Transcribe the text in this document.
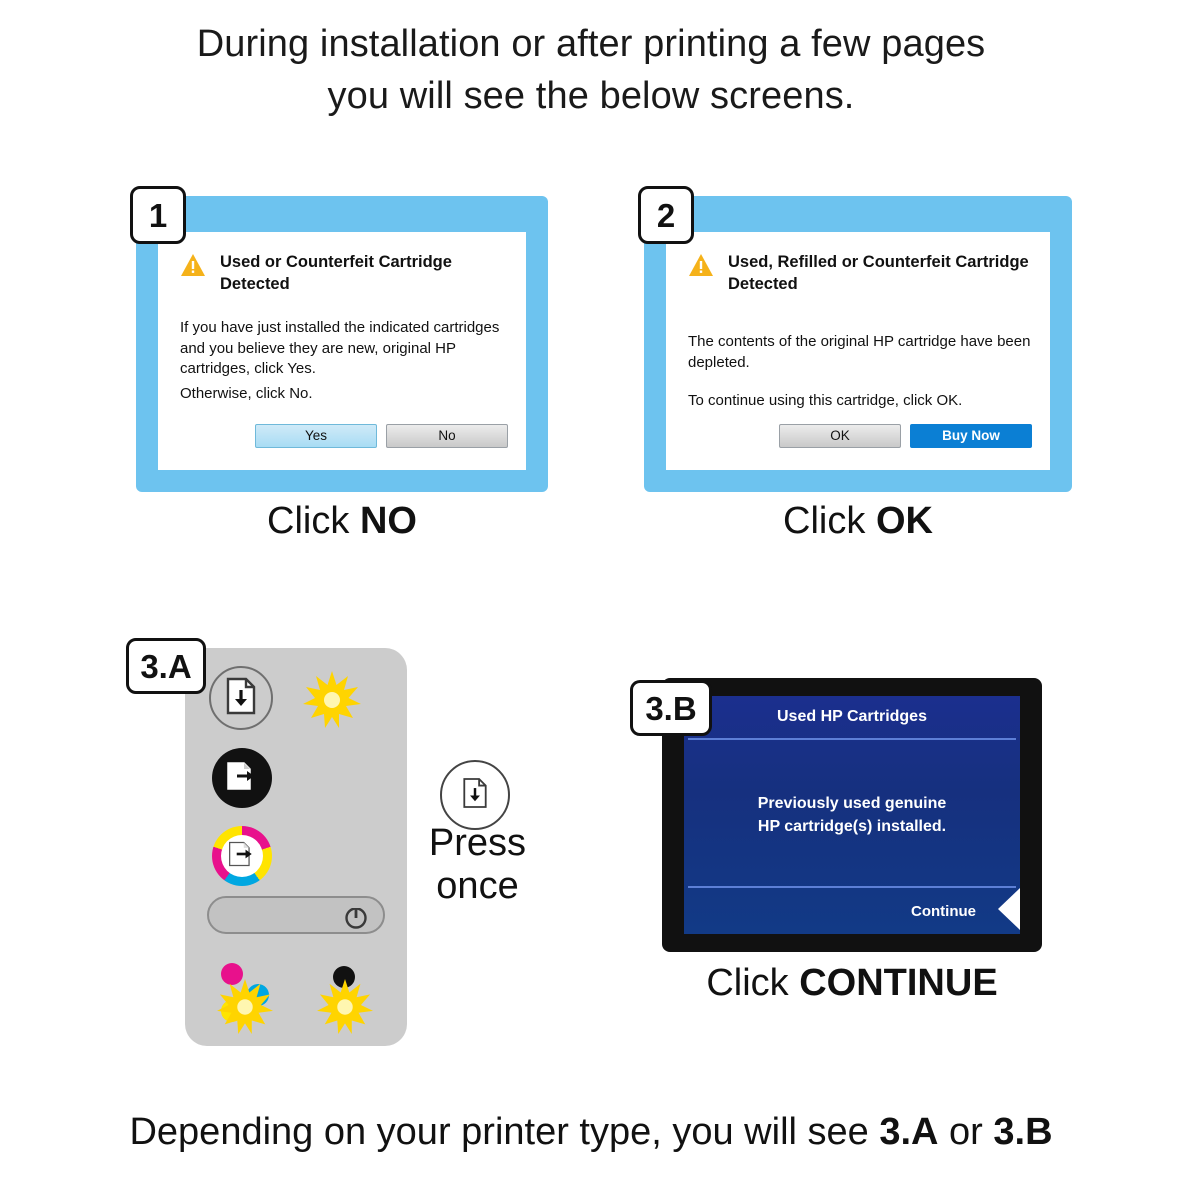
During installation or after printing a few pages
you will see the below screens.
1
Used or Counterfeit Cartridge Detected

If you have just installed the indicated cartridges and you believe they are new, original HP cartridges, click Yes.

Otherwise, click No.

Yes	No
Click NO
2
Used, Refilled or Counterfeit Cartridge Detected

The contents of the original HP cartridge have been depleted.

To continue using this cartridge, click OK.

OK	Buy Now
Click OK
3.A
Press
once
3.B	Used HP Cartridges
Previously used genuine
HP cartridge(s) installed.
Continue
Click CONTINUE
Depending on your printer type, you will see 3.A or 3.B
